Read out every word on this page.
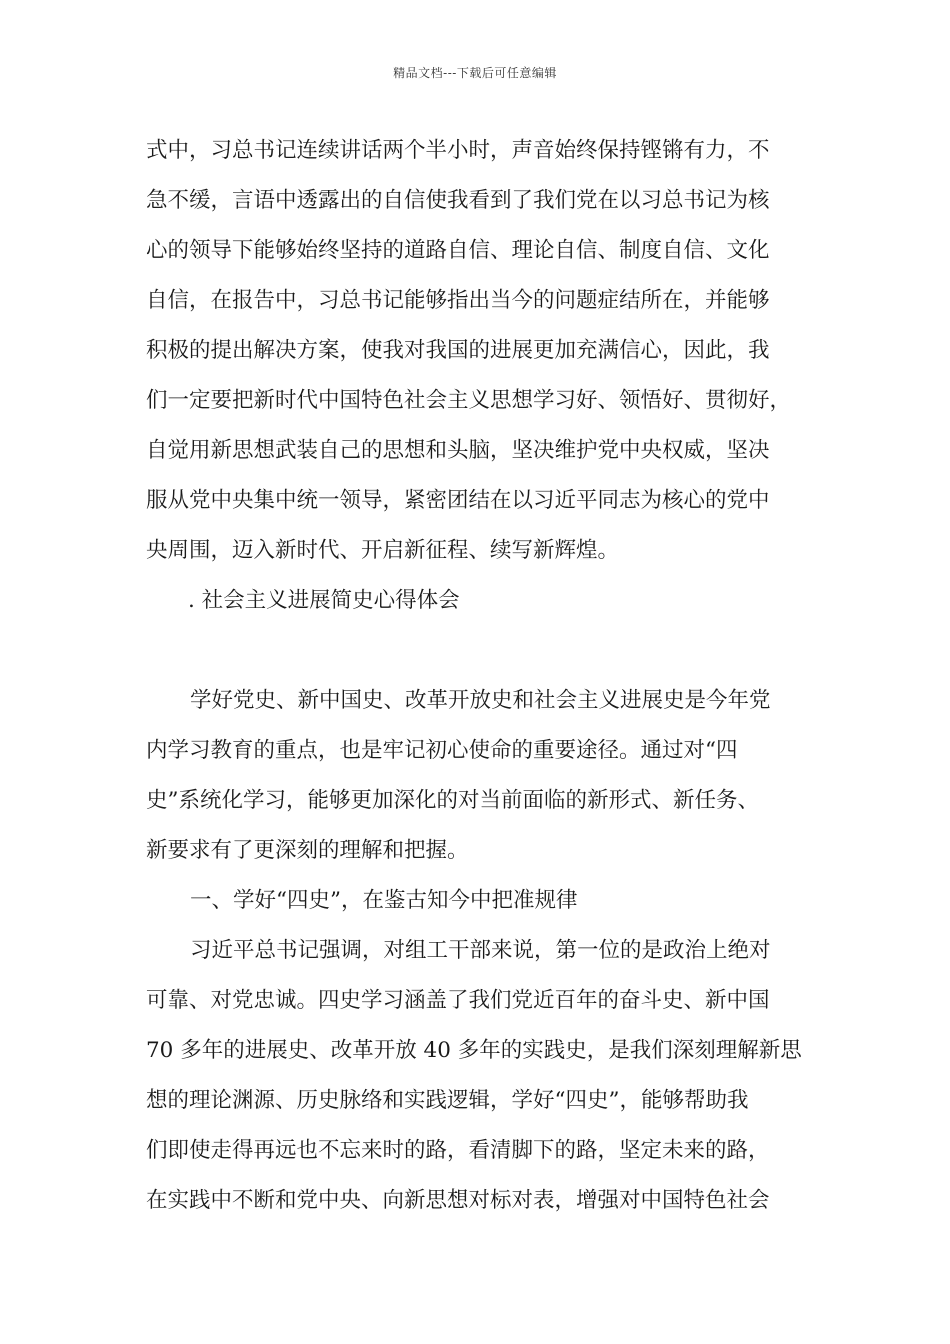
精品文档---下载后可任意编辑
式中，习总书记连续讲话两个半小时，声音始终保持铿锵有力，不
急不缓，言语中透露出的自信使我看到了我们党在以习总书记为核
心的领导下能够始终坚持的道路自信、理论自信、制度自信、文化
自信，在报告中，习总书记能够指出当今的问题症结所在，并能够
积极的提出解决方案，使我对我国的进展更加充满信心，因此，我
们一定要把新时代中国特色社会主义思想学习好、领悟好、贯彻好，
自觉用新思想武装自己的思想和头脑，坚决维护党中央权威，坚决
服从党中央集中统一领导，紧密团结在以习近平同志为核心的党中
央周围，迈入新时代、开启新征程、续写新辉煌。
. 社会主义进展简史心得体会
学好党史、新中国史、改革开放史和社会主义进展史是今年党
内学习教育的重点，也是牢记初心使命的重要途径。通过对“四
史”系统化学习，能够更加深化的对当前面临的新形式、新任务、
新要求有了更深刻的理解和把握。
一、学好“四史”，在鉴古知今中把准规律
习近平总书记强调，对组工干部来说，第一位的是政治上绝对
可靠、对党忠诚。四史学习涵盖了我们党近百年的奋斗史、新中国
70 多年的进展史、改革开放 40 多年的实践史，是我们深刻理解新思
想的理论渊源、历史脉络和实践逻辑，学好“四史”，能够帮助我
们即使走得再远也不忘来时的路，看清脚下的路，坚定未来的路，
在实践中不断和党中央、向新思想对标对表，增强对中国特色社会
